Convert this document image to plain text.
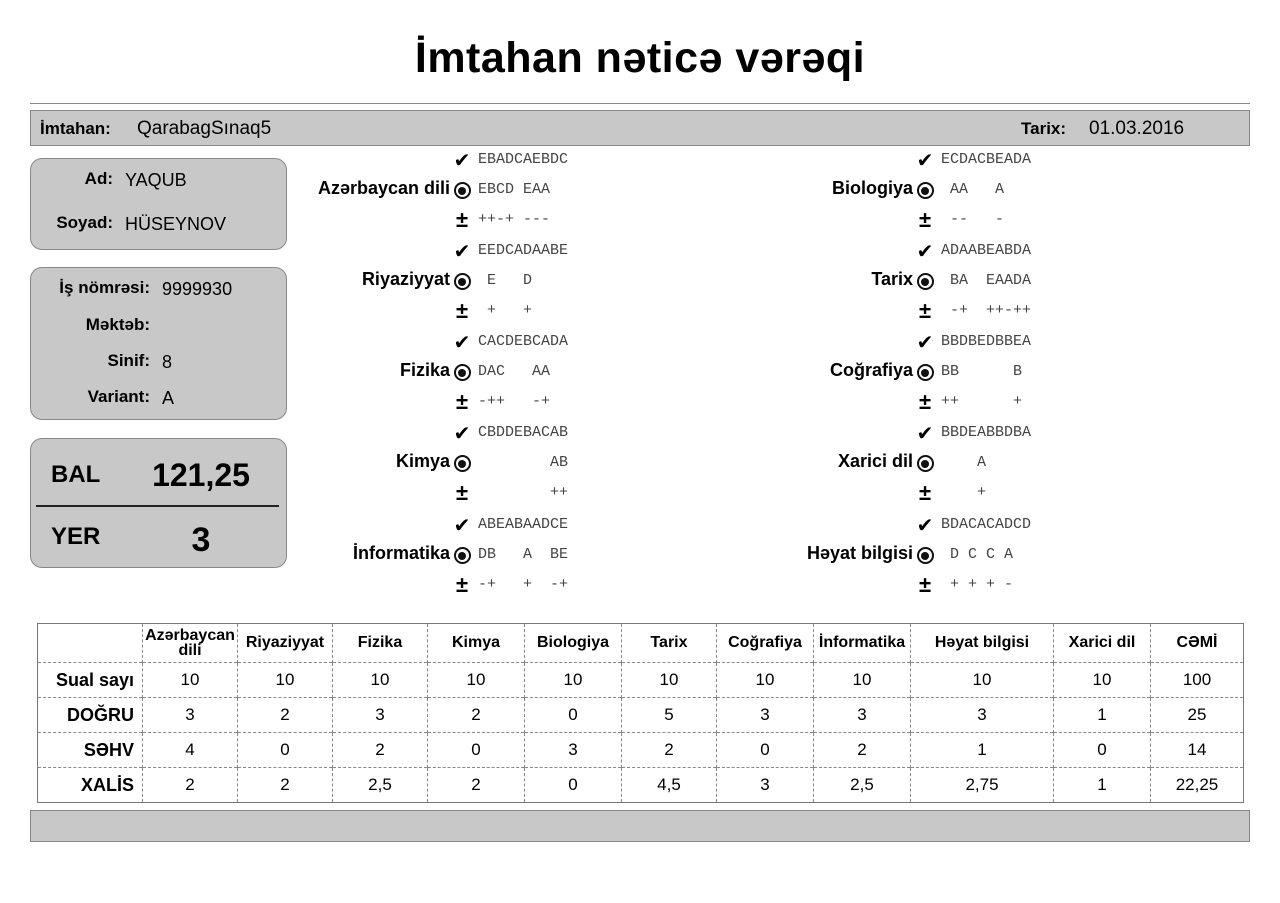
İmtahan nəticə vərəqi
İmtahan: QarabagSınaq5	Tarix: 01.03.2016
Ad: YAQUB
Soyad: HÜSEYNOV
İş nömrəsi: 9999930
Məktəb:
Sinif: 8
Variant: A
BAL	121,25
YER	3
Azərbaycan dili
✔ EBADCAEBDC
EBCD EAA
± ++-+ ---
Riyaziyyat
✔ EEDCADAABE
E   D
± +   +
Fizika
✔ CACDEBCADA
DAC   AA
± -++   -+
Kimya
✔ CBDDEBACAB
AB
± ++
İnformatika
✔ ABEABAADCE
DB   A  BE
± -+   +  -+
Biologiya
✔ ECDACBEADA
AA   A
± --   -
Tarix
✔ ADAABEABDA
BA  EAADA
± -+  ++-++
Coğrafiya
✔ BBDBEDBBEA
BB      B
± ++      +
Xarici dil
✔ BBDEABBDBA
A
± +
Həyat bilgisi
✔ BDACACADCD
D C C A
± + + + -
	Azərbaycan dili	Riyaziyyat	Fizika	Kimya	Biologiya	Tarix	Coğrafiya	İnformatika	Həyat bilgisi	Xarici dil	CƏMİ
Sual sayı	10	10	10	10	10	10	10	10	10	10	100
DOĞRU	3	2	3	2	0	5	3	3	3	1	25
SƏHV	4	0	2	0	3	2	0	2	1	0	14
XALİS	2	2	2,5	2	0	4,5	3	2,5	2,75	1	22,25
